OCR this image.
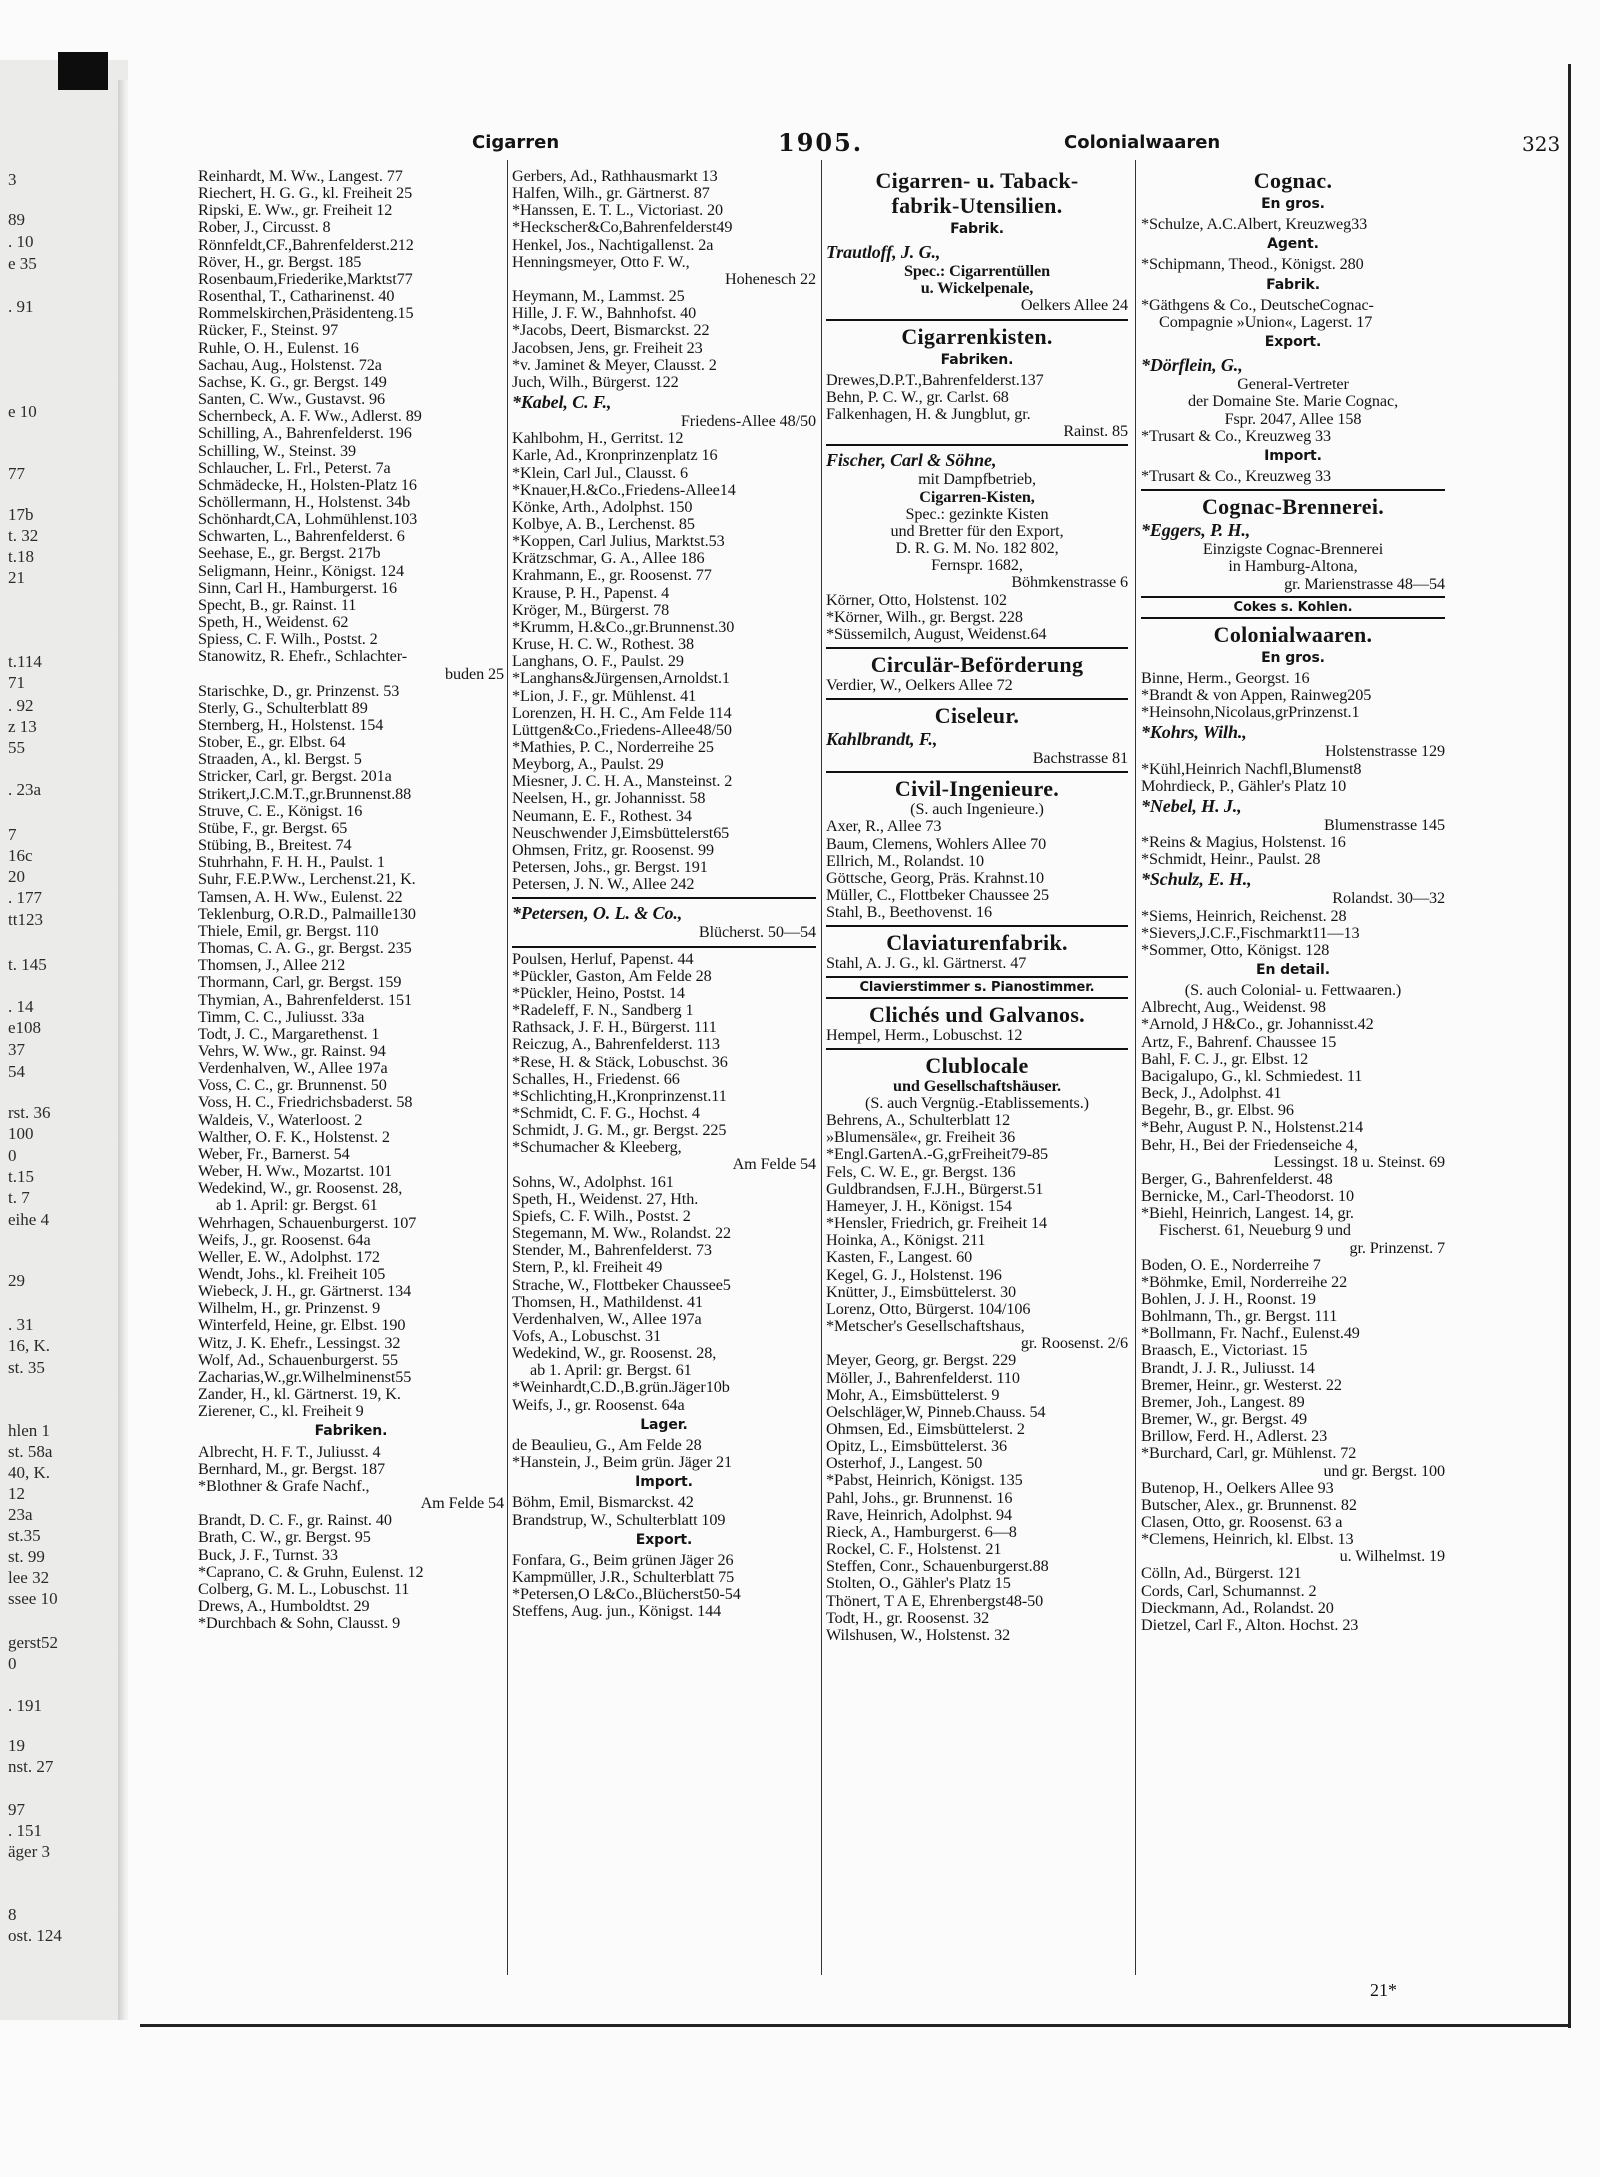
3
89
. 10
e 35
. 91
e 10
77
17b
t. 32
t.18
21
t.114
71
. 92
z 13
55
. 23a
7
16c
20
. 177
tt123
t. 145
. 14
e108
37
54
rst. 36
100
0
t.15
t. 7
eihe 4
29
. 31
16, K.
st. 35
hlen 1
st. 58a
40, K.
12
23a
st.35
st. 99
lee 32
ssee 10
gerst52
0
. 191
19
nst. 27
97
. 151
äger 3
8
ost. 124
Cigarren	1905.	Colonialwaaren	323
Reinhardt, M. Ww., Langest. 77
Riechert, H. G. G., kl. Freiheit 25
Ripski, E. Ww., gr. Freiheit 12
Rober, J., Circusst. 8
Rönnfeldt,CF.,Bahrenfelderst.212
Röver, H., gr. Bergst. 185
Rosenbaum,Friederike,Marktst77
Rosenthal, T., Catharinenst. 40
Rommelskirchen,Präsidenteng.15
Rücker, F., Steinst. 97
Ruhle, O. H., Eulenst. 16
Sachau, Aug., Holstenst. 72a
Sachse, K. G., gr. Bergst. 149
Santen, C. Ww., Gustavst. 96
Schernbeck, A. F. Ww., Adlerst. 89
Schilling, A., Bahrenfelderst. 196
Schilling, W., Steinst. 39
Schlaucher, L. Frl., Peterst. 7a
Schmädecke, H., Holsten-Platz 16
Schöllermann, H., Holstenst. 34b
Schönhardt,CA, Lohmühlenst.103
Schwarten, L., Bahrenfelderst. 6
Seehase, E., gr. Bergst. 217b
Seligmann, Heinr., Königst. 124
Sinn, Carl H., Hamburgerst. 16
Specht, B., gr. Rainst. 11
Speth, H., Weidenst. 62
Spiess, C. F. Wilh., Postst. 2
Stanowitz, R. Ehefr., Schlachter-
buden 25
Starischke, D., gr. Prinzenst. 53
Sterly, G., Schulterblatt 89
Sternberg, H., Holstenst. 154
Stober, E., gr. Elbst. 64
Straaden, A., kl. Bergst. 5
Stricker, Carl, gr. Bergst. 201a
Strikert,J.C.M.T.,gr.Brunnenst.88
Struve, C. E., Königst. 16
Stübe, F., gr. Bergst. 65
Stübing, B., Breitest. 74
Stuhrhahn, F. H. H., Paulst. 1
Suhr, F.E.P.Ww., Lerchenst.21, K.
Tamsen, A. H. Ww., Eulenst. 22
Teklenburg, O.R.D., Palmaille130
Thiele, Emil, gr. Bergst. 110
Thomas, C. A. G., gr. Bergst. 235
Thomsen, J., Allee 212
Thormann, Carl, gr. Bergst. 159
Thymian, A., Bahrenfelderst. 151
Timm, C. C., Juliusst. 33a
Todt, J. C., Margarethenst. 1
Vehrs, W. Ww., gr. Rainst. 94
Verdenhalven, W., Allee 197a
Voss, C. C., gr. Brunnenst. 50
Voss, H. C., Friedrichsbaderst. 58
Waldeis, V., Waterloost. 2
Walther, O. F. K., Holstenst. 2
Weber, Fr., Barnerst. 54
Weber, H. Ww., Mozartst. 101
Wedekind, W., gr. Roosenst. 28,
ab 1. April: gr. Bergst. 61
Wehrhagen, Schauenburgerst. 107
Weifs, J., gr. Roosenst. 64a
Weller, E. W., Adolphst. 172
Wendt, Johs., kl. Freiheit 105
Wiebeck, J. H., gr. Gärtnerst. 134
Wilhelm, H., gr. Prinzenst. 9
Winterfeld, Heine, gr. Elbst. 190
Witz, J. K. Ehefr., Lessingst. 32
Wolf, Ad., Schauenburgerst. 55
Zacharias,W.,gr.Wilhelminenst55
Zander, H., kl. Gärtnerst. 19, K.
Zierener, C., kl. Freiheit 9
Fabriken.
Albrecht, H. F. T., Juliusst. 4
Bernhard, M., gr. Bergst. 187
*Blothner & Grafe Nachf.,
Am Felde 54
Brandt, D. C. F., gr. Rainst. 40
Brath, C. W., gr. Bergst. 95
Buck, J. F., Turnst. 33
*Caprano, C. & Gruhn, Eulenst. 12
Colberg, G. M. L., Lobuschst. 11
Drews, A., Humboldtst. 29
*Durchbach & Sohn, Clausst. 9
Gerbers, Ad., Rathhausmarkt 13
Halfen, Wilh., gr. Gärtnerst. 87
*Hanssen, E. T. L., Victoriast. 20
*Heckscher&Co,Bahrenfelderst49
Henkel, Jos., Nachtigallenst. 2a
Henningsmeyer, Otto F. W.,
Hohenesch 22
Heymann, M., Lammst. 25
Hille, J. F. W., Bahnhofst. 40
*Jacobs, Deert, Bismarckst. 22
Jacobsen, Jens, gr. Freiheit 23
*v. Jaminet & Meyer, Clausst. 2
Juch, Wilh., Bürgerst. 122
*Kabel, C. F.,
Friedens-Allee 48/50
Kahlbohm, H., Gerritst. 12
Karle, Ad., Kronprinzenplatz 16
*Klein, Carl Jul., Clausst. 6
*Knauer,H.&Co.,Friedens-Allee14
Könke, Arth., Adolphst. 150
Kolbye, A. B., Lerchenst. 85
*Koppen, Carl Julius, Marktst.53
Krätzschmar, G. A., Allee 186
Krahmann, E., gr. Roosenst. 77
Krause, P. H., Papenst. 4
Kröger, M., Bürgerst. 78
*Krumm, H.&Co.,gr.Brunnenst.30
Kruse, H. C. W., Rothest. 38
Langhans, O. F., Paulst. 29
*Langhans&Jürgensen,Arnoldst.1
*Lion, J. F., gr. Mühlenst. 41
Lorenzen, H. H. C., Am Felde 114
Lüttgen&Co.,Friedens-Allee48/50
*Mathies, P. C., Norderreihe 25
Meyborg, A., Paulst. 29
Miesner, J. C. H. A., Mansteinst. 2
Neelsen, H., gr. Johannisst. 58
Neumann, E. F., Rothest. 34
Neuschwender J,Eimsbüttelerst65
Ohmsen, Fritz, gr. Roosenst. 99
Petersen, Johs., gr. Bergst. 191
Petersen, J. N. W., Allee 242
*Petersen, O. L. & Co.,
Blücherst. 50—54
Poulsen, Herluf, Papenst. 44
*Pückler, Gaston, Am Felde 28
*Pückler, Heino, Postst. 14
*Radeleff, F. N., Sandberg 1
Rathsack, J. F. H., Bürgerst. 111
Reiczug, A., Bahrenfelderst. 113
*Rese, H. & Stäck, Lobuschst. 36
Schalles, H., Friedenst. 66
*Schlichting,H.,Kronprinzenst.11
*Schmidt, C. F. G., Hochst. 4
Schmidt, J. G. M., gr. Bergst. 225
*Schumacher & Kleeberg,
Am Felde 54
Sohns, W., Adolphst. 161
Speth, H., Weidenst. 27, Hth.
Spiefs, C. F. Wilh., Postst. 2
Stegemann, M. Ww., Rolandst. 22
Stender, M., Bahrenfelderst. 73
Stern, P., kl. Freiheit 49
Strache, W., Flottbeker Chaussee5
Thomsen, H., Mathildenst. 41
Verdenhalven, W., Allee 197a
Vofs, A., Lobuschst. 31
Wedekind, W., gr. Roosenst. 28,
ab 1. April: gr. Bergst. 61
*Weinhardt,C.D.,B.grün.Jäger10b
Weifs, J., gr. Roosenst. 64a
Lager.
de Beaulieu, G., Am Felde 28
*Hanstein, J., Beim grün. Jäger 21
Import.
Böhm, Emil, Bismarckst. 42
Brandstrup, W., Schulterblatt 109
Export.
Fonfara, G., Beim grünen Jäger 26
Kampmüller, J.R., Schulterblatt 75
*Petersen,O L&Co.,Blücherst50-54
Steffens, Aug. jun., Königst. 144
Cigarren- u. Taback-
fabrik-Utensilien.
Fabrik.
Trautloff, J. G.,
Spec.: Cigarrentüllen
u. Wickelpenale,
Oelkers Allee 24
Cigarrenkisten.
Fabriken.
Drewes,D.P.T.,Bahrenfelderst.137
Behn, P. C. W., gr. Carlst. 68
Falkenhagen, H. & Jungblut, gr.
Rainst. 85
Fischer, Carl & Söhne,
mit Dampfbetrieb,
Cigarren-Kisten,
Spec.: gezinkte Kisten
und Bretter für den Export,
D. R. G. M. No. 182 802,
Fernspr. 1682,
Böhmkenstrasse 6
Körner, Otto, Holstenst. 102
*Körner, Wilh., gr. Bergst. 228
*Süssemilch, August, Weidenst.64
Circulär-Beförderung
Verdier, W., Oelkers Allee 72
Ciseleur.
Kahlbrandt, F.,
Bachstrasse 81
Civil-Ingenieure.
(S. auch Ingenieure.)
Axer, R., Allee 73
Baum, Clemens, Wohlers Allee 70
Ellrich, M., Rolandst. 10
Göttsche, Georg, Präs. Krahnst.10
Müller, C., Flottbeker Chaussee 25
Stahl, B., Beethovenst. 16
Claviaturenfabrik.
Stahl, A. J. G., kl. Gärtnerst. 47
Clavierstimmer s. Pianostimmer.
Clichés und Galvanos.
Hempel, Herm., Lobuschst. 12
Clublocale
und Gesellschaftshäuser.
(S. auch Vergnüg.-Etablissements.)
Behrens, A., Schulterblatt 12
»Blumensäle«, gr. Freiheit 36
*Engl.GartenA.-G,grFreiheit79-85
Fels, C. W. E., gr. Bergst. 136
Guldbrandsen, F.J.H., Bürgerst.51
Hameyer, J. H., Königst. 154
*Hensler, Friedrich, gr. Freiheit 14
Hoinka, A., Königst. 211
Kasten, F., Langest. 60
Kegel, G. J., Holstenst. 196
Knütter, J., Eimsbüttelerst. 30
Lorenz, Otto, Bürgerst. 104/106
*Metscher's Gesellschaftshaus,
gr. Roosenst. 2/6
Meyer, Georg, gr. Bergst. 229
Möller, J., Bahrenfelderst. 110
Mohr, A., Eimsbüttelerst. 9
Oelschläger,W, Pinneb.Chauss. 54
Ohmsen, Ed., Eimsbüttelerst. 2
Opitz, L., Eimsbüttelerst. 36
Osterhof, J., Langest. 50
*Pabst, Heinrich, Königst. 135
Pahl, Johs., gr. Brunnenst. 16
Rave, Heinrich, Adolphst. 94
Rieck, A., Hamburgerst. 6—8
Rockel, C. F., Holstenst. 21
Steffen, Conr., Schauenburgerst.88
Stolten, O., Gähler's Platz 15
Thönert, T A E, Ehrenbergst48-50
Todt, H., gr. Roosenst. 32
Wilshusen, W., Holstenst. 32
Cognac.
En gros.
*Schulze, A.C.Albert, Kreuzweg33
Agent.
*Schipmann, Theod., Königst. 280
Fabrik.
*Gäthgens & Co., DeutscheCognac-
Compagnie »Union«, Lagerst. 17
Export.
*Dörflein, G.,
General-Vertreter
der Domaine Ste. Marie Cognac,
Fspr. 2047, Allee 158
*Trusart & Co., Kreuzweg 33
Import.
*Trusart & Co., Kreuzweg 33
Cognac-Brennerei.
*Eggers, P. H.,
Einzigste Cognac-Brennerei
in Hamburg-Altona,
gr. Marienstrasse 48—54
Cokes s. Kohlen.
Colonialwaaren.
En gros.
Binne, Herm., Georgst. 16
*Brandt & von Appen, Rainweg205
*Heinsohn,Nicolaus,grPrinzenst.1
*Kohrs, Wilh.,
Holstenstrasse 129
*Kühl,Heinrich Nachfl,Blumenst8
Mohrdieck, P., Gähler's Platz 10
*Nebel, H. J.,
Blumenstrasse 145
*Reins & Magius, Holstenst. 16
*Schmidt, Heinr., Paulst. 28
*Schulz, E. H.,
Rolandst. 30—32
*Siems, Heinrich, Reichenst. 28
*Sievers,J.C.F.,Fischmarkt11—13
*Sommer, Otto, Königst. 128
En detail.
(S. auch Colonial- u. Fettwaaren.)
Albrecht, Aug., Weidenst. 98
*Arnold, J H&Co., gr. Johannisst.42
Artz, F., Bahrenf. Chaussee 15
Bahl, F. C. J., gr. Elbst. 12
Bacigalupo, G., kl. Schmiedest. 11
Beck, J., Adolphst. 41
Begehr, B., gr. Elbst. 96
*Behr, August P. N., Holstenst.214
Behr, H., Bei der Friedenseiche 4,
Lessingst. 18 u. Steinst. 69
Berger, G., Bahrenfelderst. 48
Bernicke, M., Carl-Theodorst. 10
*Biehl, Heinrich, Langest. 14, gr.
Fischerst. 61, Neueburg 9 und
gr. Prinzenst. 7
Boden, O. E., Norderreihe 7
*Böhmke, Emil, Norderreihe 22
Bohlen, J. J. H., Roonst. 19
Bohlmann, Th., gr. Bergst. 111
*Bollmann, Fr. Nachf., Eulenst.49
Braasch, E., Victoriast. 15
Brandt, J. J. R., Juliusst. 14
Bremer, Heinr., gr. Westerst. 22
Bremer, Joh., Langest. 89
Bremer, W., gr. Bergst. 49
Brillow, Ferd. H., Adlerst. 23
*Burchard, Carl, gr. Mühlenst. 72
und gr. Bergst. 100
Butenop, H., Oelkers Allee 93
Butscher, Alex., gr. Brunnenst. 82
Clasen, Otto, gr. Roosenst. 63 a
*Clemens, Heinrich, kl. Elbst. 13
u. Wilhelmst. 19
Cölln, Ad., Bürgerst. 121
Cords, Carl, Schumannst. 2
Dieckmann, Ad., Rolandst. 20
Dietzel, Carl F., Alton. Hochst. 23
21*
